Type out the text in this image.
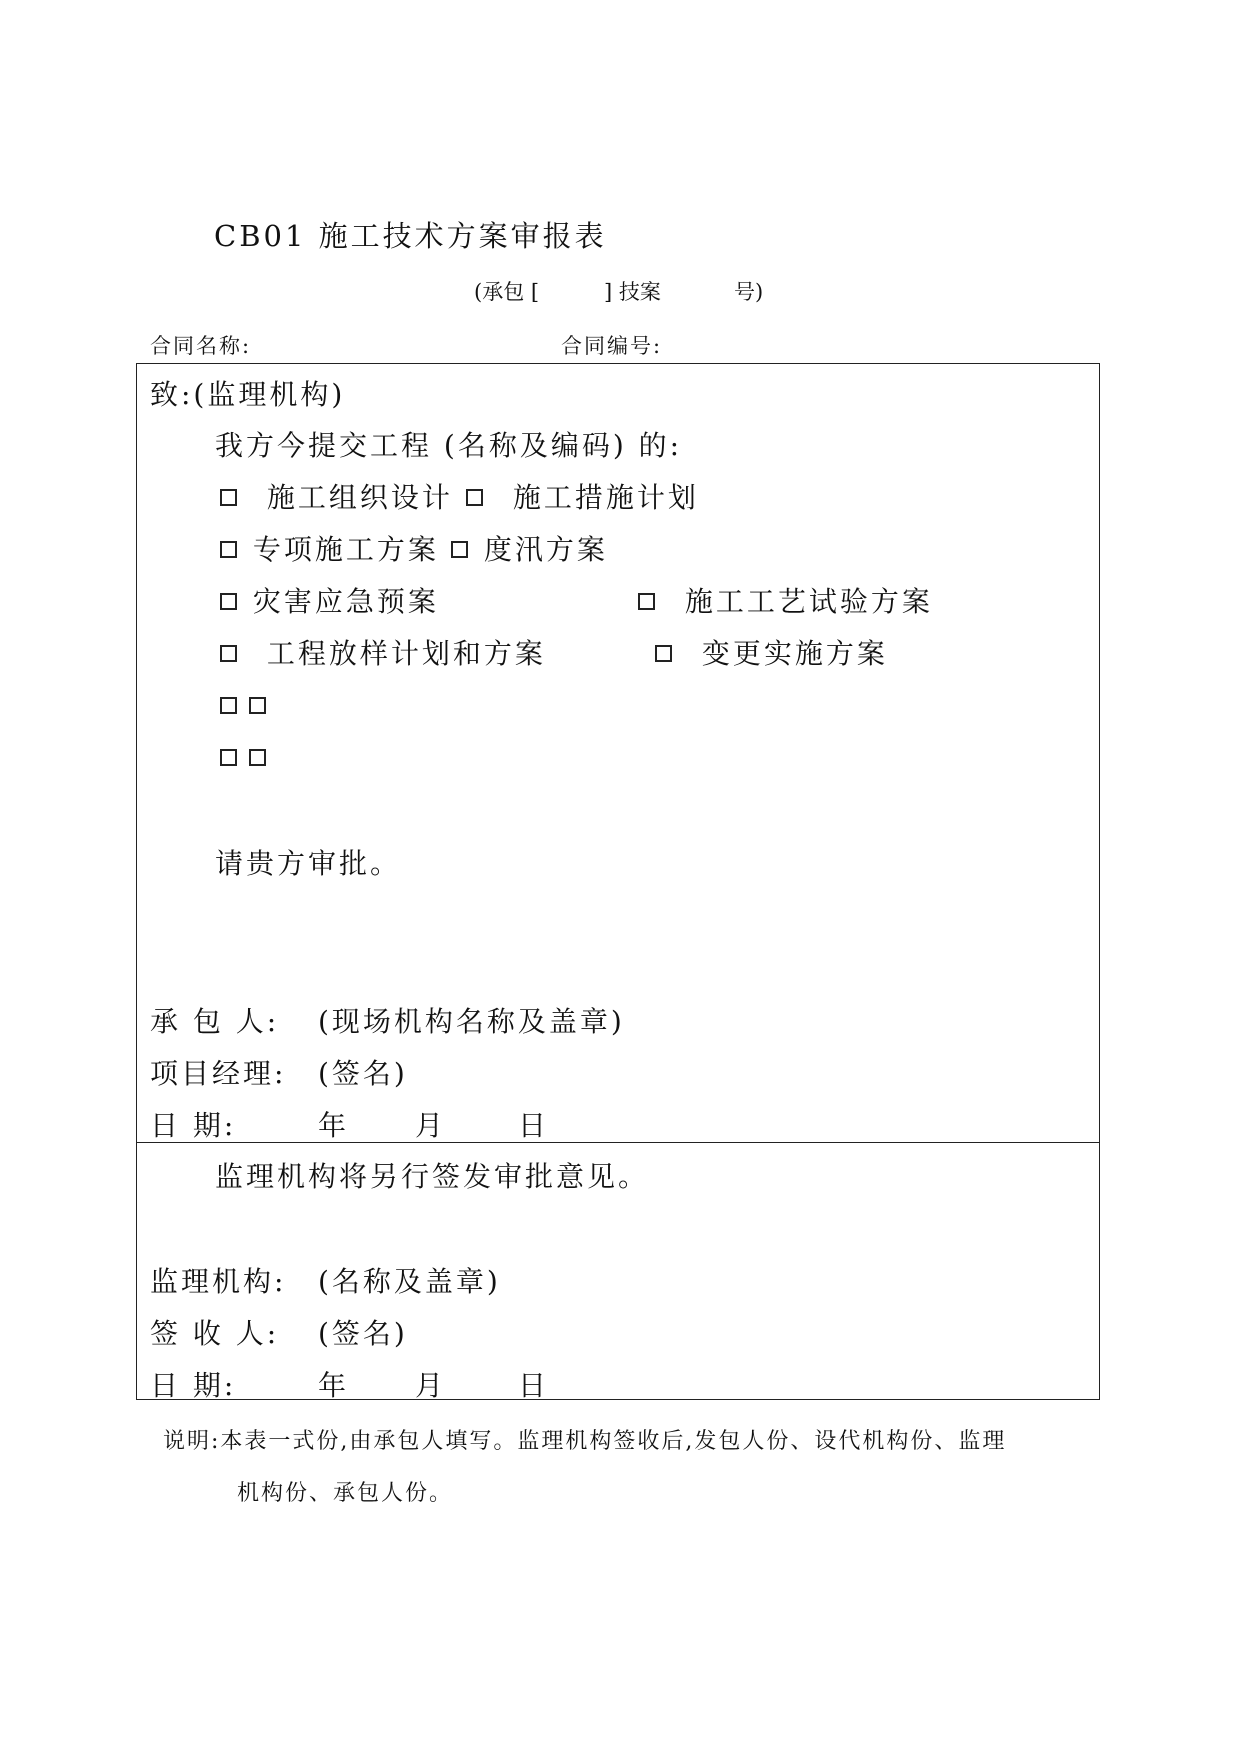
CB01 施工技术方案审报表
(承包 [	] 技案	号)
合同名称:	合同编号:
致:(监理机构)
我方今提交工程 (名称及编码) 的:
施工组织设计	施工措施计划
专项施工方案	度汛方案
灾害应急预案	施工工艺试验方案
工程放样计划和方案	变更实施方案
请贵方审批。
承 包 人: (现场机构名称及盖章)
项目经理: (签名)
日 期:	年 月	日
监理机构将另行签发审批意见。
监理机构: (名称及盖章)
签 收 人: (签名)
日 期:	年 月	日
说明:本表一式份,由承包人填写。监理机构签收后,发包人份、设代机构份、监理
机构份、承包人份。
